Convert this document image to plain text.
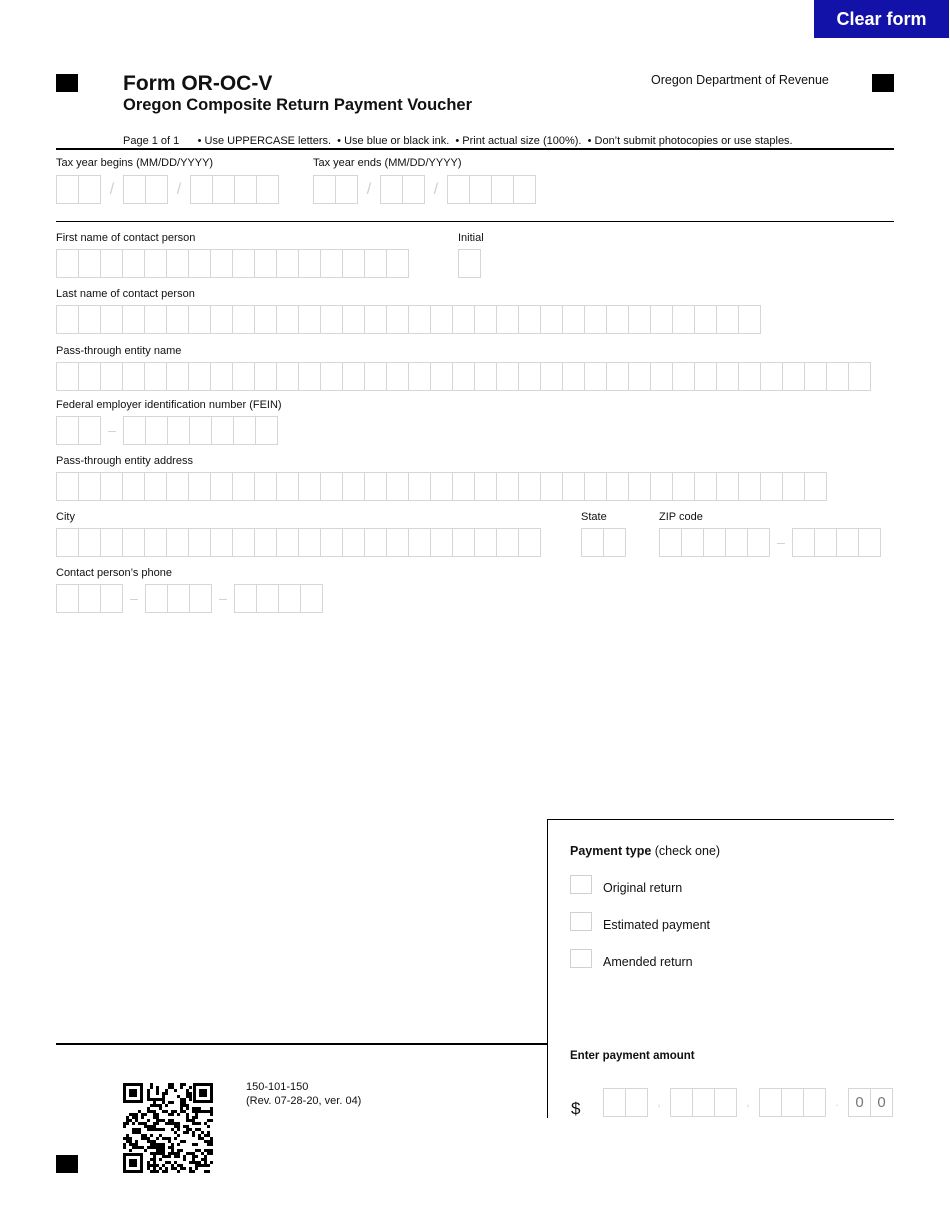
Clear form
Form OR-OC-V
Oregon Composite Return Payment Voucher
Oregon Department of Revenue
Page 1 of 1 • Use UPPERCASE letters.  • Use blue or black ink.  • Print actual size (100%).  • Don’t submit photocopies or use staples.
Tax year begins (MM/DD/YYYY)
/	/
Tax year ends (MM/DD/YYYY)
/	/
First name of contact person	Initial
Last name of contact person
Pass-through entity name
Federal employer identification number (FEIN)
–
Pass-through entity address
City	State	ZIP code
–
Contact person’s phone
–	–
Payment type (check one)
Original return
Estimated payment
Amended return
Enter payment amount
$	,	,	.	0 0
150-101-150
(Rev. 07-28-20, ver. 04)
